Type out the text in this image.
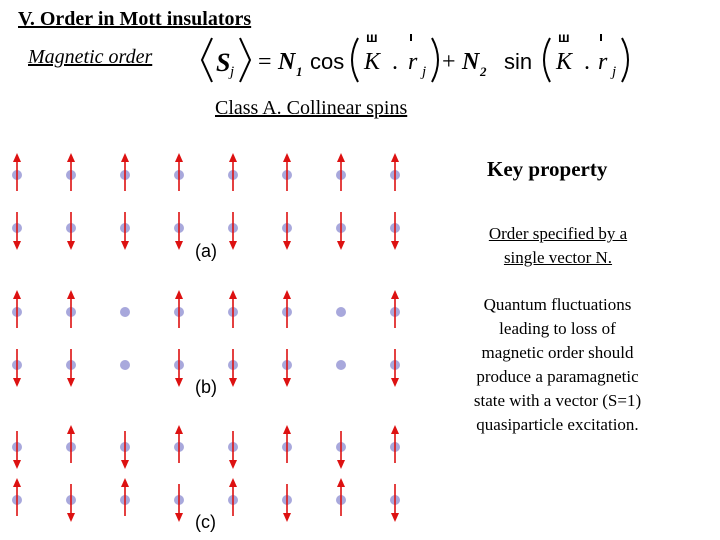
V. Order in Mott insulators
Magnetic order S j = N 1 cos K
ш
. r j + N 2 sin K
ш
. r j
Class A. Collinear spins
(a)
(b)
(c)
Key property
Order specified by a
single vector N.
Quantum fluctuations
leading to loss of
magnetic order should
produce a paramagnetic
state with a vector (S=1)
quasiparticle excitation.
